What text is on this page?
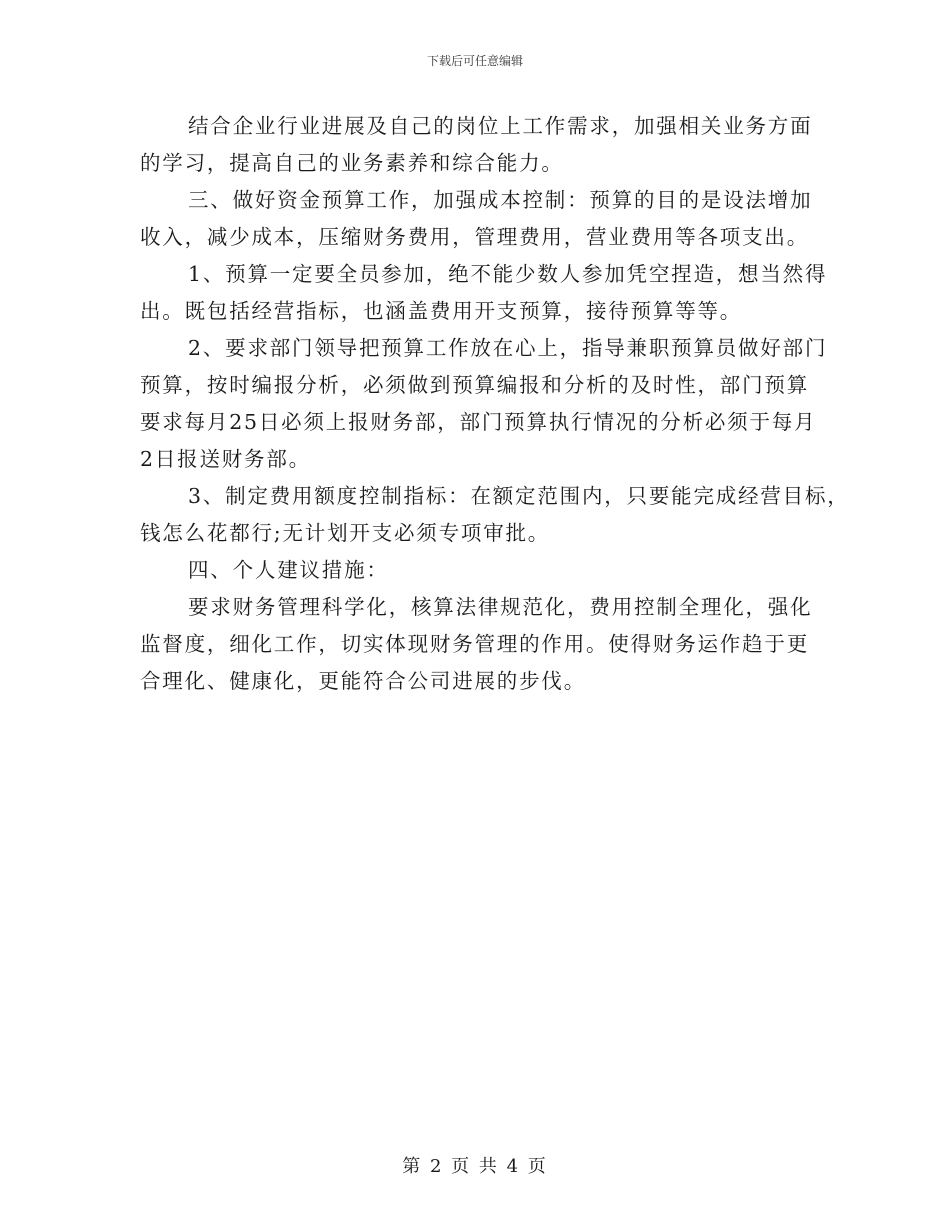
下载后可任意编辑
结合企业行业进展及自己的岗位上工作需求，加强相关业务方面
的学习，提高自己的业务素养和综合能力。
三、做好资金预算工作，加强成本控制：预算的目的是设法增加
收入，减少成本，压缩财务费用，管理费用，营业费用等各项支出。
1、预算一定要全员参加，绝不能少数人参加凭空捏造，想当然得
出。既包括经营指标，也涵盖费用开支预算，接待预算等等。
2、要求部门领导把预算工作放在心上，指导兼职预算员做好部门
预算，按时编报分析，必须做到预算编报和分析的及时性，部门预算
要求每月25日必须上报财务部，部门预算执行情况的分析必须于每月
2日报送财务部。
3、制定费用额度控制指标：在额定范围内，只要能完成经营目标，
钱怎么花都行;无计划开支必须专项审批。
四、个人建议措施：
要求财务管理科学化，核算法律规范化，费用控制全理化，强化
监督度，细化工作，切实体现财务管理的作用。使得财务运作趋于更
合理化、健康化，更能符合公司进展的步伐。
第 2 页 共 4 页
